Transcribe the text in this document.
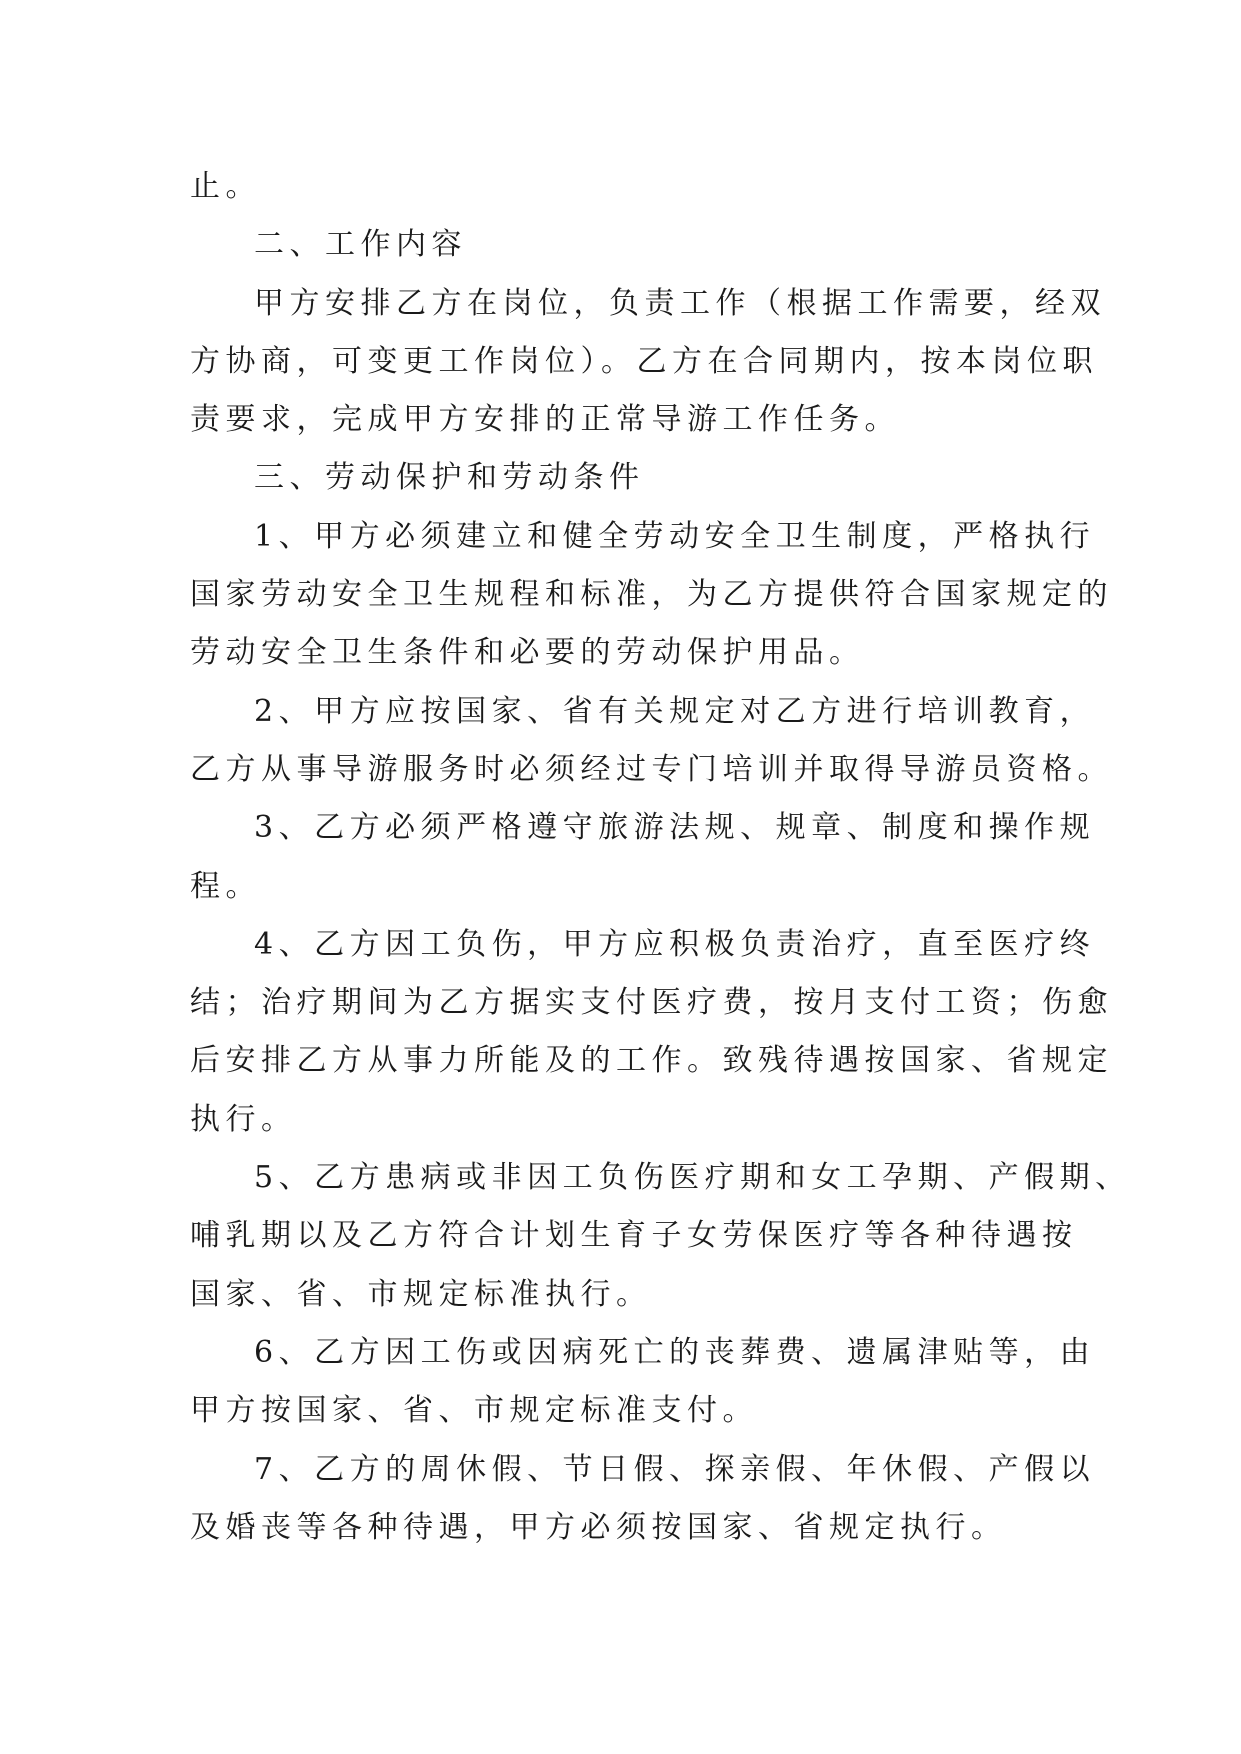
止。
二、工作内容
甲方安排乙方在岗位，负责工作（根据工作需要，经双
方协商，可变更工作岗位）。乙方在合同期内，按本岗位职
责要求，完成甲方安排的正常导游工作任务。
三、劳动保护和劳动条件
1、甲方必须建立和健全劳动安全卫生制度，严格执行
国家劳动安全卫生规程和标准，为乙方提供符合国家规定的
劳动安全卫生条件和必要的劳动保护用品。
2、甲方应按国家、省有关规定对乙方进行培训教育，
乙方从事导游服务时必须经过专门培训并取得导游员资格。
3、乙方必须严格遵守旅游法规、规章、制度和操作规
程。
4、乙方因工负伤，甲方应积极负责治疗，直至医疗终
结；治疗期间为乙方据实支付医疗费，按月支付工资；伤愈
后安排乙方从事力所能及的工作。致残待遇按国家、省规定
执行。
5、乙方患病或非因工负伤医疗期和女工孕期、产假期、
哺乳期以及乙方符合计划生育子女劳保医疗等各种待遇按
国家、省、市规定标准执行。
6、乙方因工伤或因病死亡的丧葬费、遗属津贴等，由
甲方按国家、省、市规定标准支付。
7、乙方的周休假、节日假、探亲假、年休假、产假以
及婚丧等各种待遇，甲方必须按国家、省规定执行。
